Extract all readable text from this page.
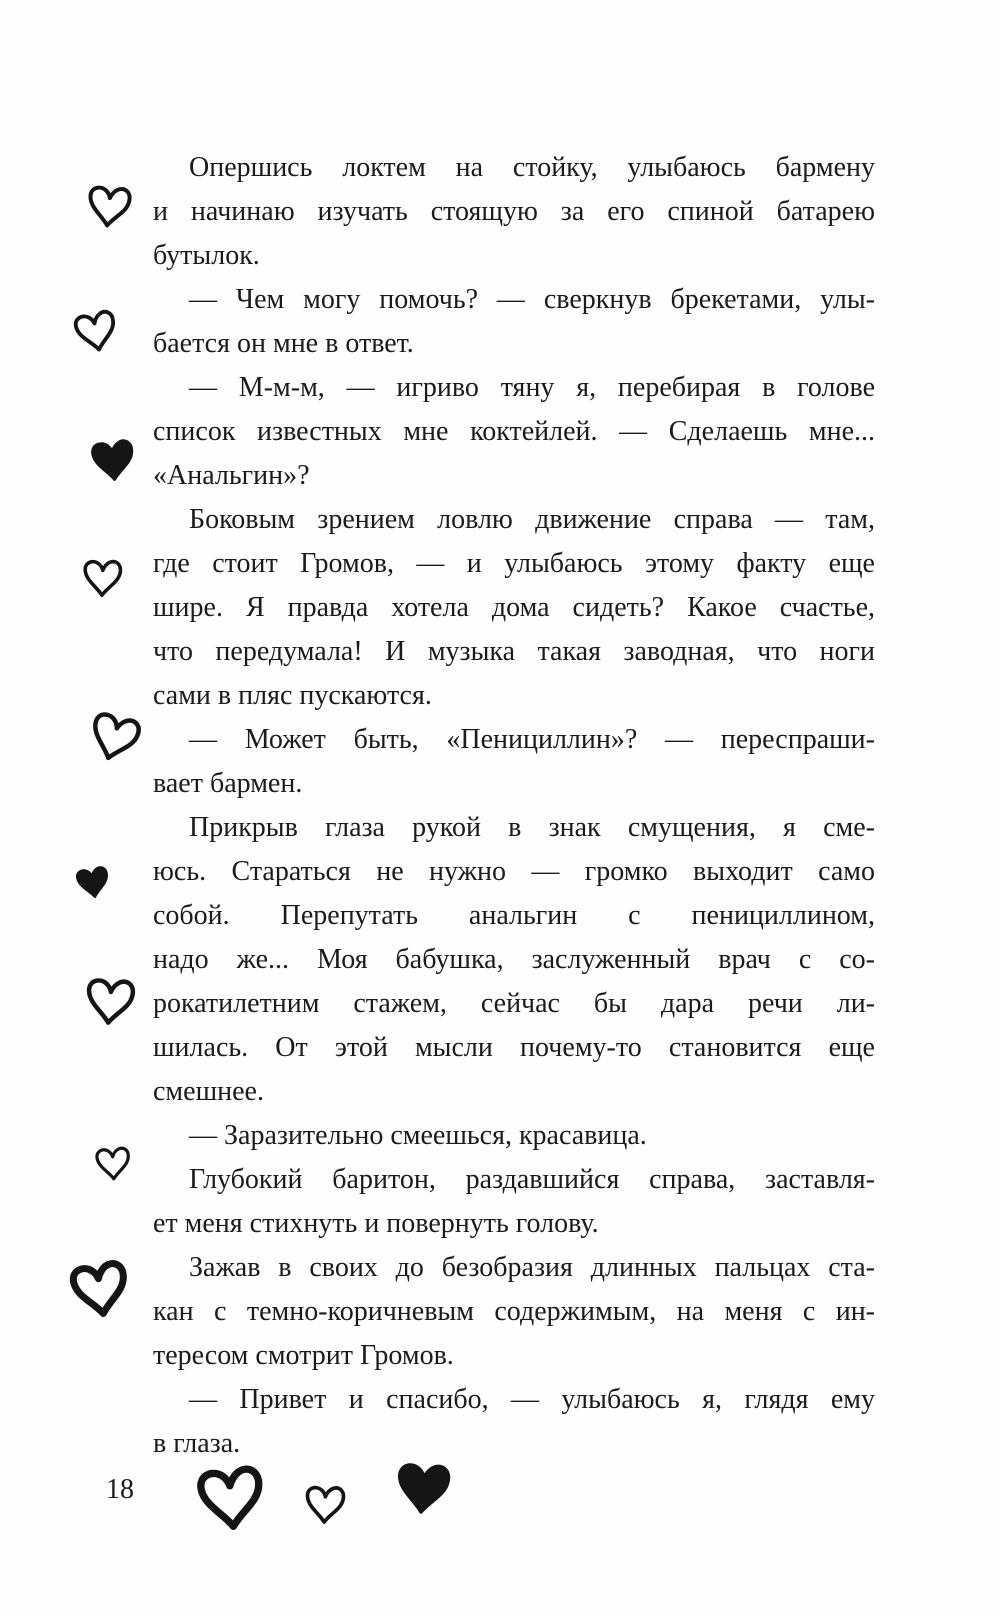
Опершись локтем на стойку, улыбаюсь бармену
и начинаю изучать стоящую за его спиной батарею
бутылок.
— Чем могу помочь? — сверкнув брекетами, улы-
бается он мне в ответ.
— М-м-м, — игриво тяну я, перебирая в голове
список известных мне коктейлей. — Сделаешь мне...
«Анальгин»?
Боковым зрением ловлю движение справа — там,
где стоит Громов, — и улыбаюсь этому факту еще
шире. Я правда хотела дома сидеть? Какое счастье,
что передумала! И музыка такая заводная, что ноги
сами в пляс пускаются.
— Может быть, «Пенициллин»? — переспраши-
вает бармен.
Прикрыв глаза рукой в знак смущения, я сме-
юсь. Стараться не нужно — громко выходит само
собой. Перепутать анальгин с пенициллином,
надо же... Моя бабушка, заслуженный врач с со-
рокатилетним стажем, сейчас бы дара речи ли-
шилась. От этой мысли почему-то становится еще
смешнее.
— Заразительно смеешься, красавица.
Глубокий баритон, раздавшийся справа, заставля-
ет меня стихнуть и повернуть голову.
Зажав в своих до безобразия длинных пальцах ста-
кан с темно-коричневым содержимым, на меня с ин-
тересом смотрит Громов.
— Привет и спасибо, — улыбаюсь я, глядя ему
в глаза.
18
